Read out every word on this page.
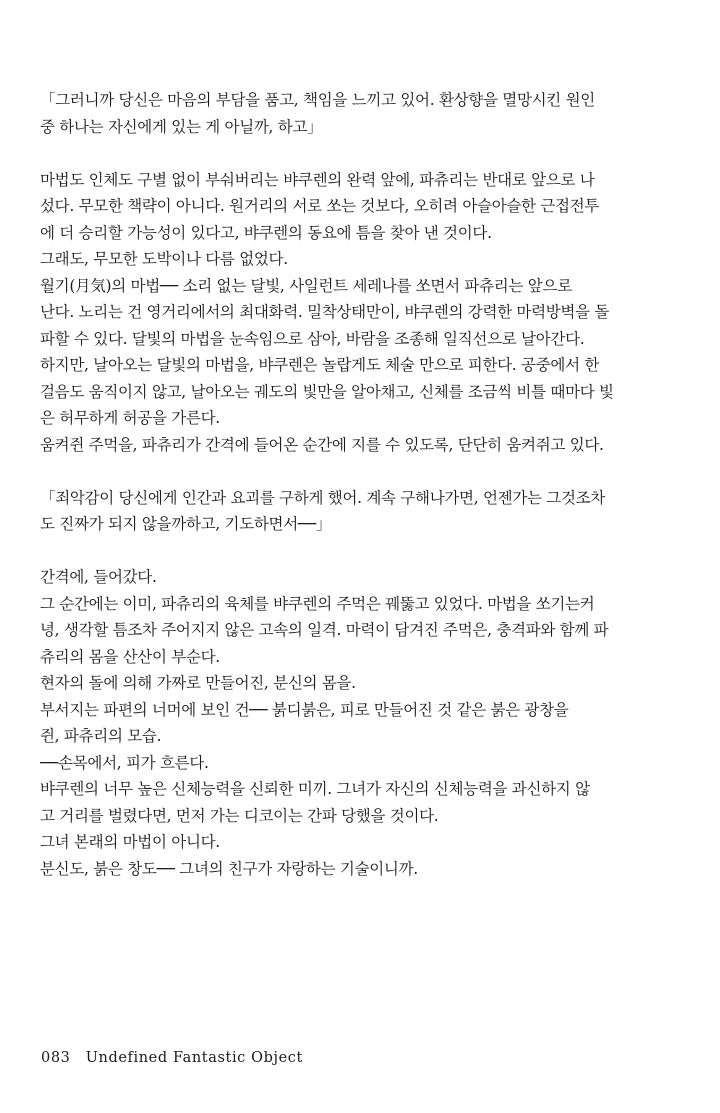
「그러니까 당신은 마음의 부담을 품고, 책임을 느끼고 있어. 환상향을 멸망시킨 원인
중 하나는 자신에게 있는 게 아닐까, 하고」
마법도 인체도 구별 없이 부숴버리는 뱌쿠렌의 완력 앞에, 파츄리는 반대로 앞으로 나
섰다. 무모한 책략이 아니다. 원거리의 서로 쏘는 것보다, 오히려 아슬아슬한 근접전투
에 더 승리할 가능성이 있다고, 뱌쿠렌의 동요에 틈을 찾아 낸 것이다.
그래도, 무모한 도박이나 다름 없었다.
월기(月気)의 마법── 소리 없는 달빛, 사일런트 세레나를 쏘면서 파츄리는 앞으로
난다. 노리는 건 영거리에서의 최대화력. 밀착상태만이, 뱌쿠렌의 강력한 마력방벽을 돌
파할 수 있다. 달빛의 마법을 눈속임으로 삼아, 바람을 조종해 일직선으로 날아간다.
하지만, 날아오는 달빛의 마법을, 뱌쿠렌은 놀랍게도 체술 만으로 피한다. 공중에서 한
걸음도 움직이지 않고, 날아오는 궤도의 빛만을 알아채고, 신체를 조금씩 비틀 때마다 빛
은 허무하게 허공을 가른다.
움켜쥔 주먹을, 파츄리가 간격에 들어온 순간에 지를 수 있도록, 단단히 움켜쥐고 있다.
「죄악감이 당신에게 인간과 요괴를 구하게 했어. 계속 구해나가면, 언젠가는 그것조차
도 진짜가 되지 않을까하고, 기도하면서──」
간격에, 들어갔다.
그 순간에는 이미, 파츄리의 육체를 뱌쿠렌의 주먹은 꿰뚫고 있었다. 마법을 쏘기는커
녕, 생각할 틈조차 주어지지 않은 고속의 일격. 마력이 담겨진 주먹은, 충격파와 함께 파
츄리의 몸을 산산이 부순다.
현자의 돌에 의해 가짜로 만들어진, 분신의 몸을.
부서지는 파편의 너머에 보인 건── 붉디붉은, 피로 만들어진 것 같은 붉은 광창을
쥔, 파츄리의 모습.
──손목에서, 피가 흐른다.
뱌쿠렌의 너무 높은 신체능력을 신뢰한 미끼. 그녀가 자신의 신체능력을 과신하지 않
고 거리를 벌렸다면, 먼저 가는 디코이는 간파 당했을 것이다.
그녀 본래의 마법이 아니다.
분신도, 붉은 창도── 그녀의 친구가 자랑하는 기술이니까.
083 Undefined Fantastic Object
